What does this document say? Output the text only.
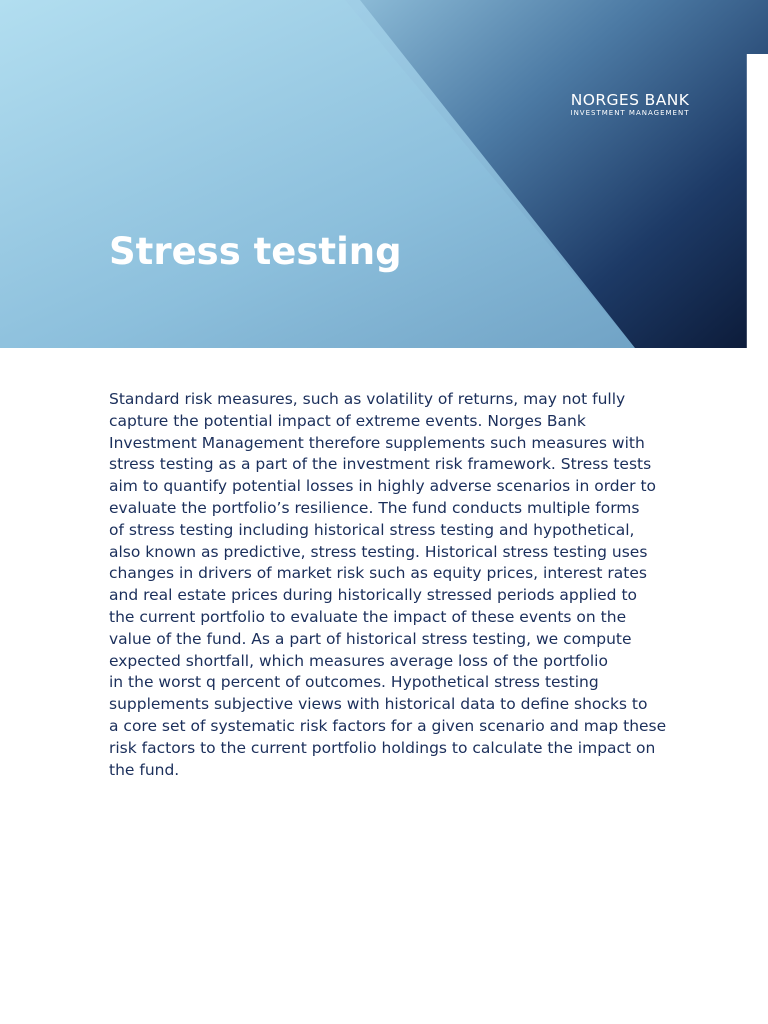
NORGES BANK
INVESTMENT MANAGEMENT
Stress testing

Standard risk measures, such as volatility of returns, may not fully
capture the potential impact of extreme events. Norges Bank
Investment Management therefore supplements such measures with
stress testing as a part of the investment risk framework. Stress tests
aim to quantify potential losses in highly adverse scenarios in order to
evaluate the portfolio’s resilience. The fund conducts multiple forms
of stress testing including historical stress testing and hypothetical,
also known as predictive, stress testing. Historical stress testing uses
changes in drivers of market risk such as equity prices, interest rates
and real estate prices during historically stressed periods applied to
the current portfolio to evaluate the impact of these events on the
value of the fund. As a part of historical stress testing, we compute
expected shortfall, which measures average loss of the portfolio
in the worst q percent of outcomes. Hypothetical stress testing
supplements subjective views with historical data to define shocks to
a core set of systematic risk factors for a given scenario and map these
risk factors to the current portfolio holdings to calculate the impact on
the fund.
